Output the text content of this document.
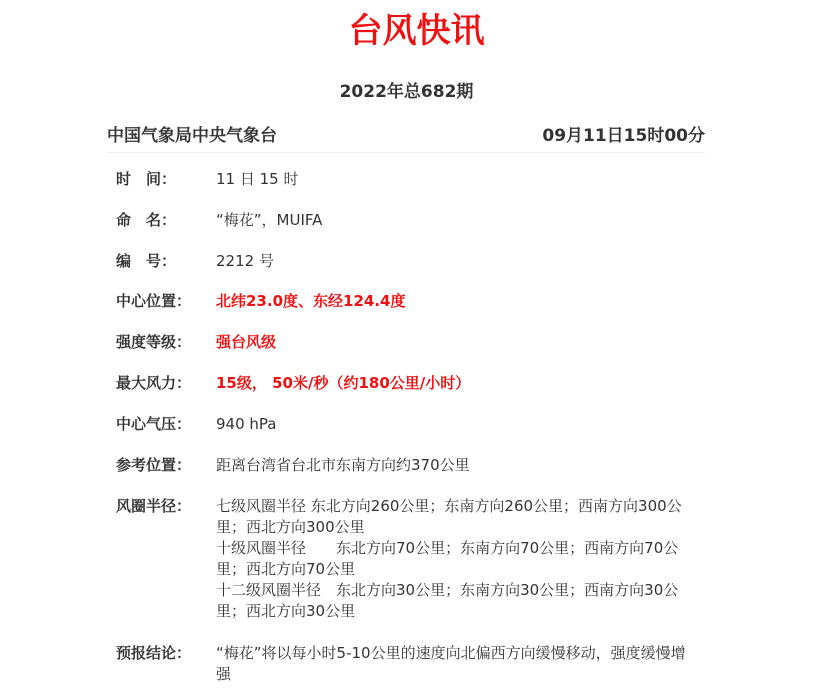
台风快讯
2022年总682期
中国气象局中央气象台	09月11日15时00分
时　间：	11 日 15 时
命　名：	“梅花”，MUIFA
编　号：	2212 号
中心位置：	北纬23.0度、东经124.4度
强度等级：	强台风级
最大风力：	15级， 50米/秒（约180公里/小时）
中心气压：	940 hPa
参考位置：	距离台湾省台北市东南方向约370公里
风圈半径：	七级风圈半径 东北方向260公里；东南方向260公里；西南方向300公里；西北方向300公里
十级风圈半径　　东北方向70公里；东南方向70公里；西南方向70公里；西北方向70公里
十二级风圈半径　东北方向30公里；东南方向30公里；西南方向30公里；西北方向30公里
预报结论：	“梅花”将以每小时5-10公里的速度向北偏西方向缓慢移动，强度缓慢增强
